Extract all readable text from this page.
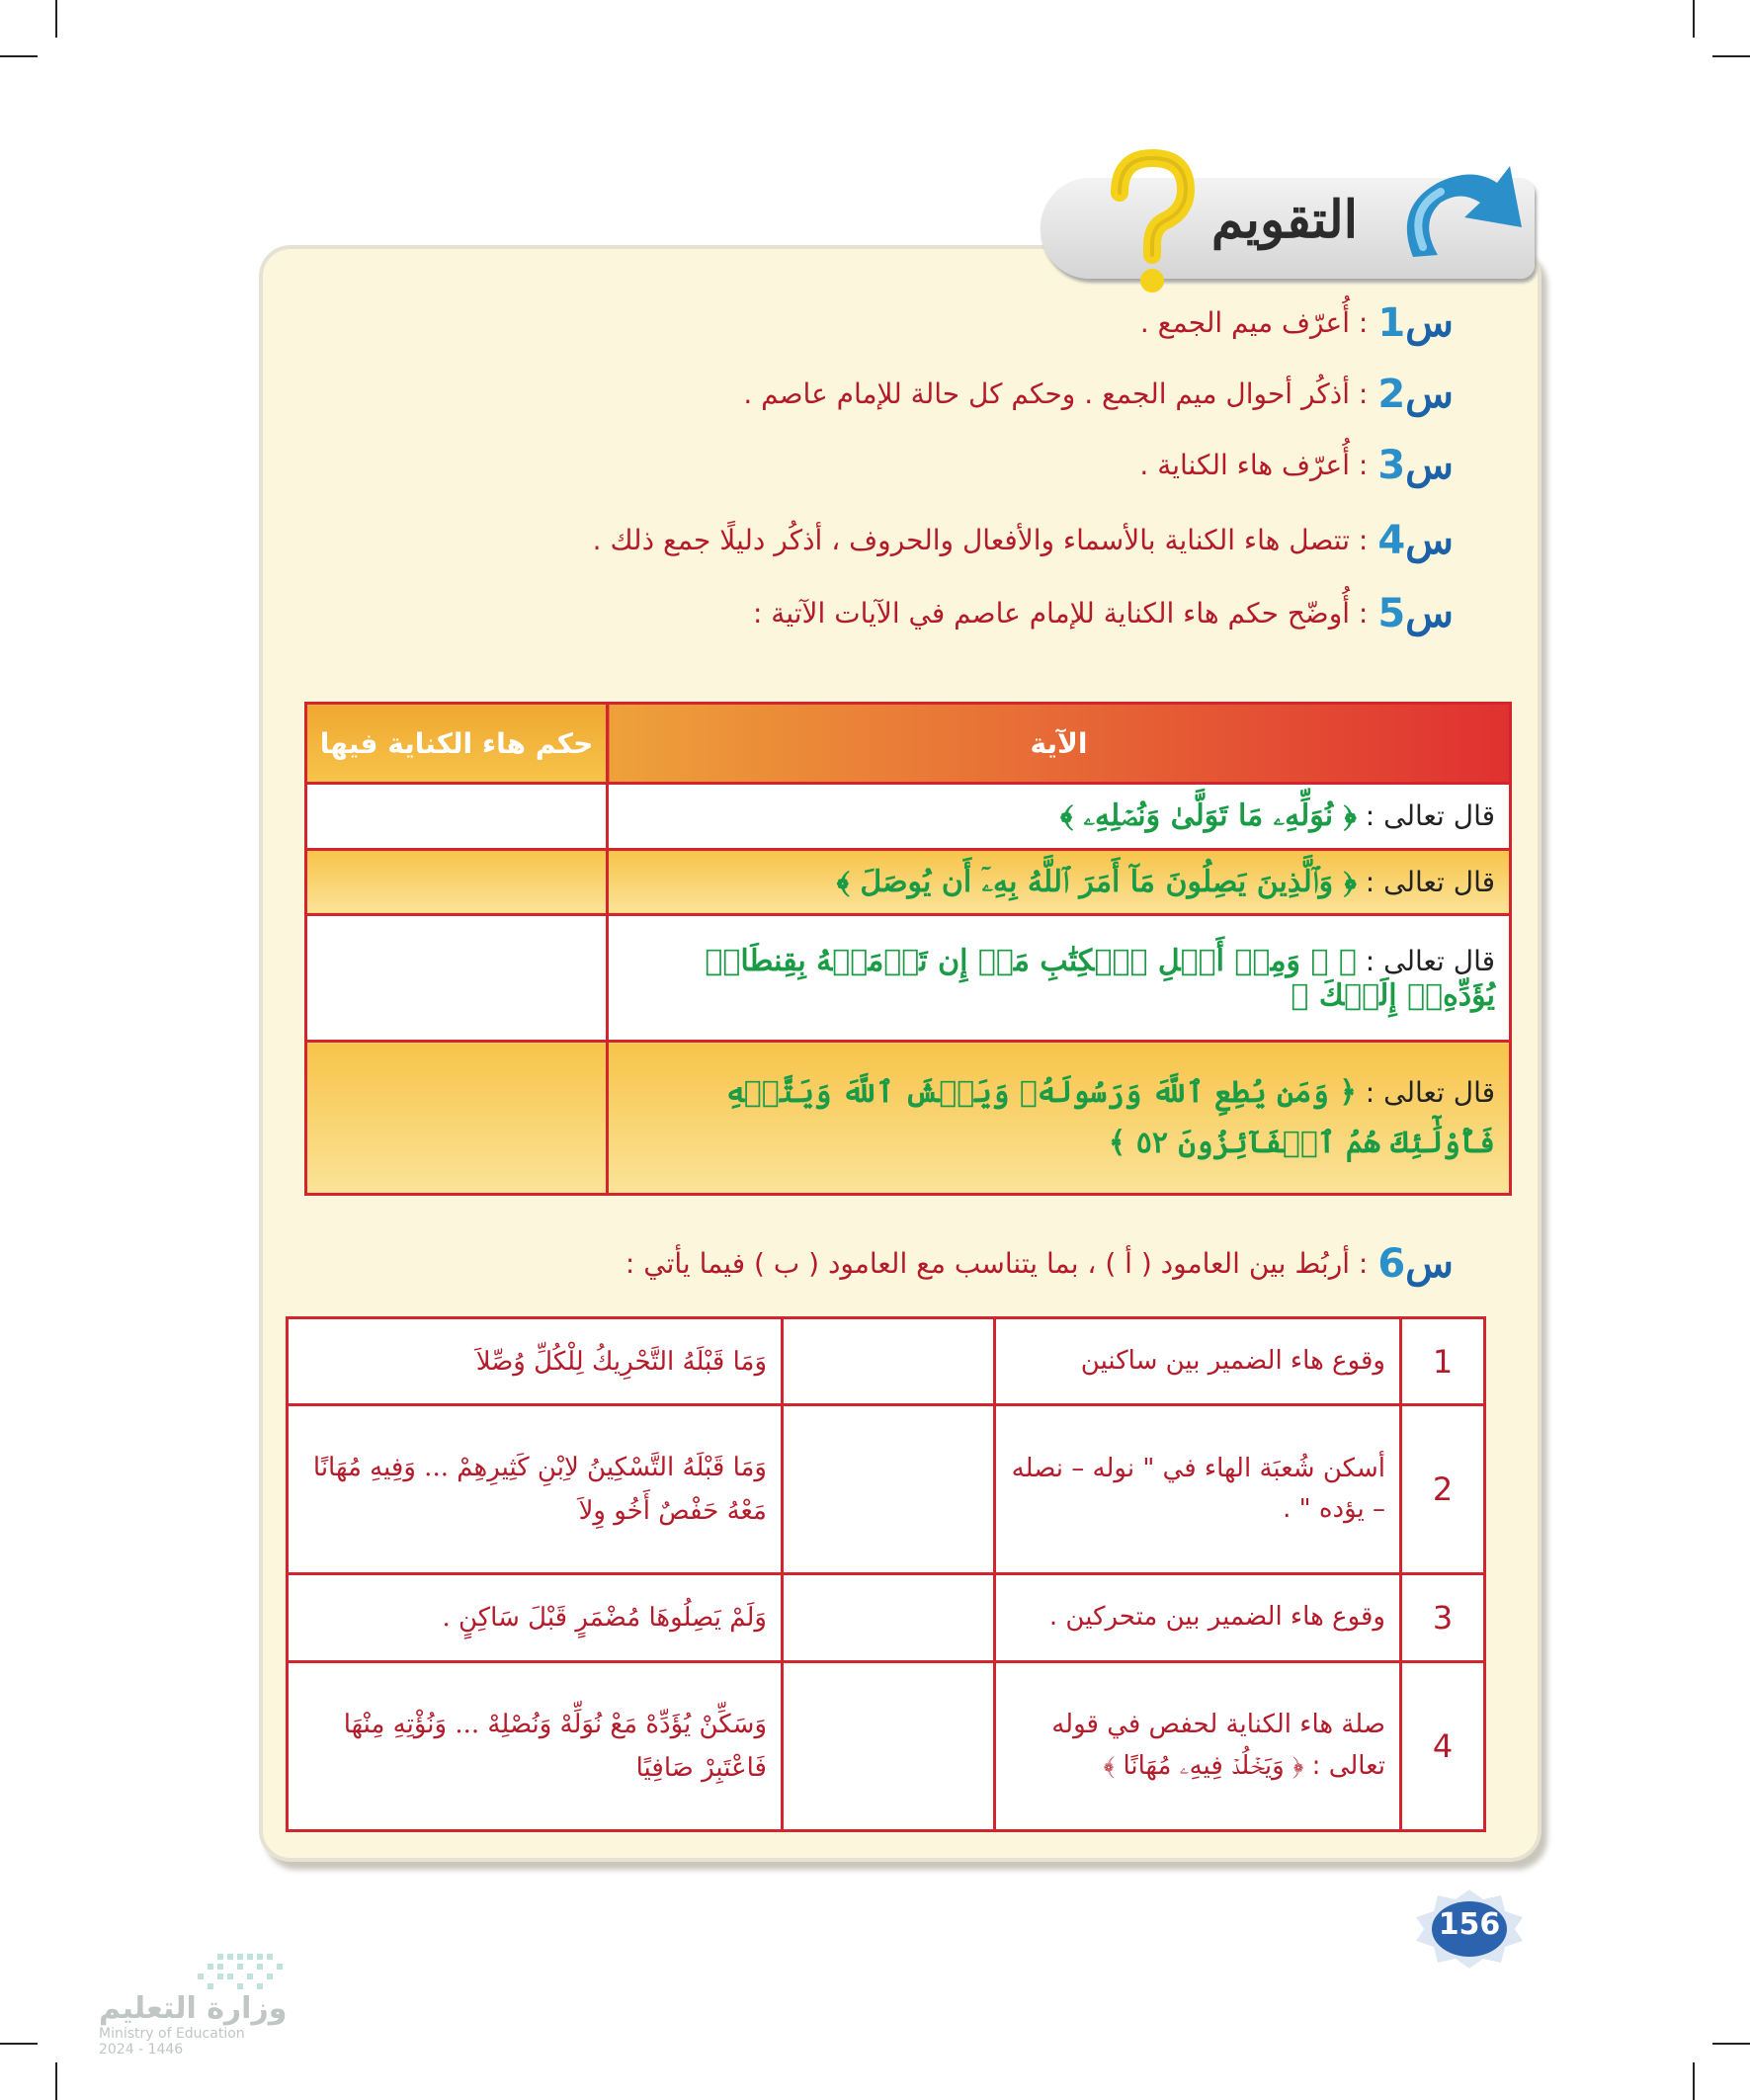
التقويم
س1: أُعرّف ميم الجمع .
س2: أذكُر أحوال ميم الجمع . وحكم كل حالة للإمام عاصم .
س3: أُعرّف هاء الكناية .
س4: تتصل هاء الكناية بالأسماء والأفعال والحروف ، أذكُر دليلًا جمع ذلك .
س5: أُوضّح حكم هاء الكناية للإمام عاصم في الآيات الآتية :
الآية	حكم هاء الكناية فيها
قال تعالى : ﴿ نُوَلِّهِۦ مَا تَوَلَّىٰ وَنُصۡلِهِۦ ﴾	
قال تعالى : ﴿ وَٱلَّذِينَ يَصِلُونَ مَآ أَمَرَ ٱللَّهُ بِهِۦٓ أَن يُوصَلَ ﴾	
قال تعالى : ﴿ ۞ وَمِنۡ أَهۡلِ ٱلۡكِتَٰبِ مَنۡ إِن تَأۡمَنۡهُ بِقِنطَارٖ يُؤَدِّهِۦٓ إِلَيۡكَ ﴾	
قال تعالى : ﴿ وَمَن يُطِعِ ٱللَّهَ وَرَسُولَهُۥ وَيَخۡشَ ٱللَّهَ وَيَتَّقۡهِ فَأُوْلَٰٓئِكَ هُمُ ٱلۡفَآئِزُونَ ٥٢ ﴾	
س6: أربُط بين العامود ( أ ) ، بما يتناسب مع العامود ( ب ) فيما يأتي :
1	وقوع هاء الضمير بين ساكنين		وَمَا قَبْلَهُ التَّحْرِيكُ لِلْكُلِّ وُصِّلاَ
2	أسكن شُعبَة الهاء في " نوله – نصله – يؤده " .		وَمَا قَبْلَهُ التَّسْكِينُ لاِبْنِ كَثِيرِهِمْ ... وَفِيهِ مُهَانًا مَعْهُ حَفْصٌ أَخُو وِلاَ
3	وقوع هاء الضمير بين متحركين .		وَلَمْ يَصِلُوهَا مُضْمَرٍ قَبْلَ سَاكِنٍ .
4	صلة هاء الكناية لحفص في قوله تعالى : ﴿ وَيَخۡلُدۡ فِيهِۦ مُهَانًا ﴾		وَسَكِّنْ يُؤَدِّهْ مَعْ نُوَلِّهْ وَنُصْلِهْ ... وَنُؤْتِهِ مِنْهَا فَاعْتَبِرْ صَافِيًا
156
وزارة التعليم
Ministry of Education
2024 - 1446
